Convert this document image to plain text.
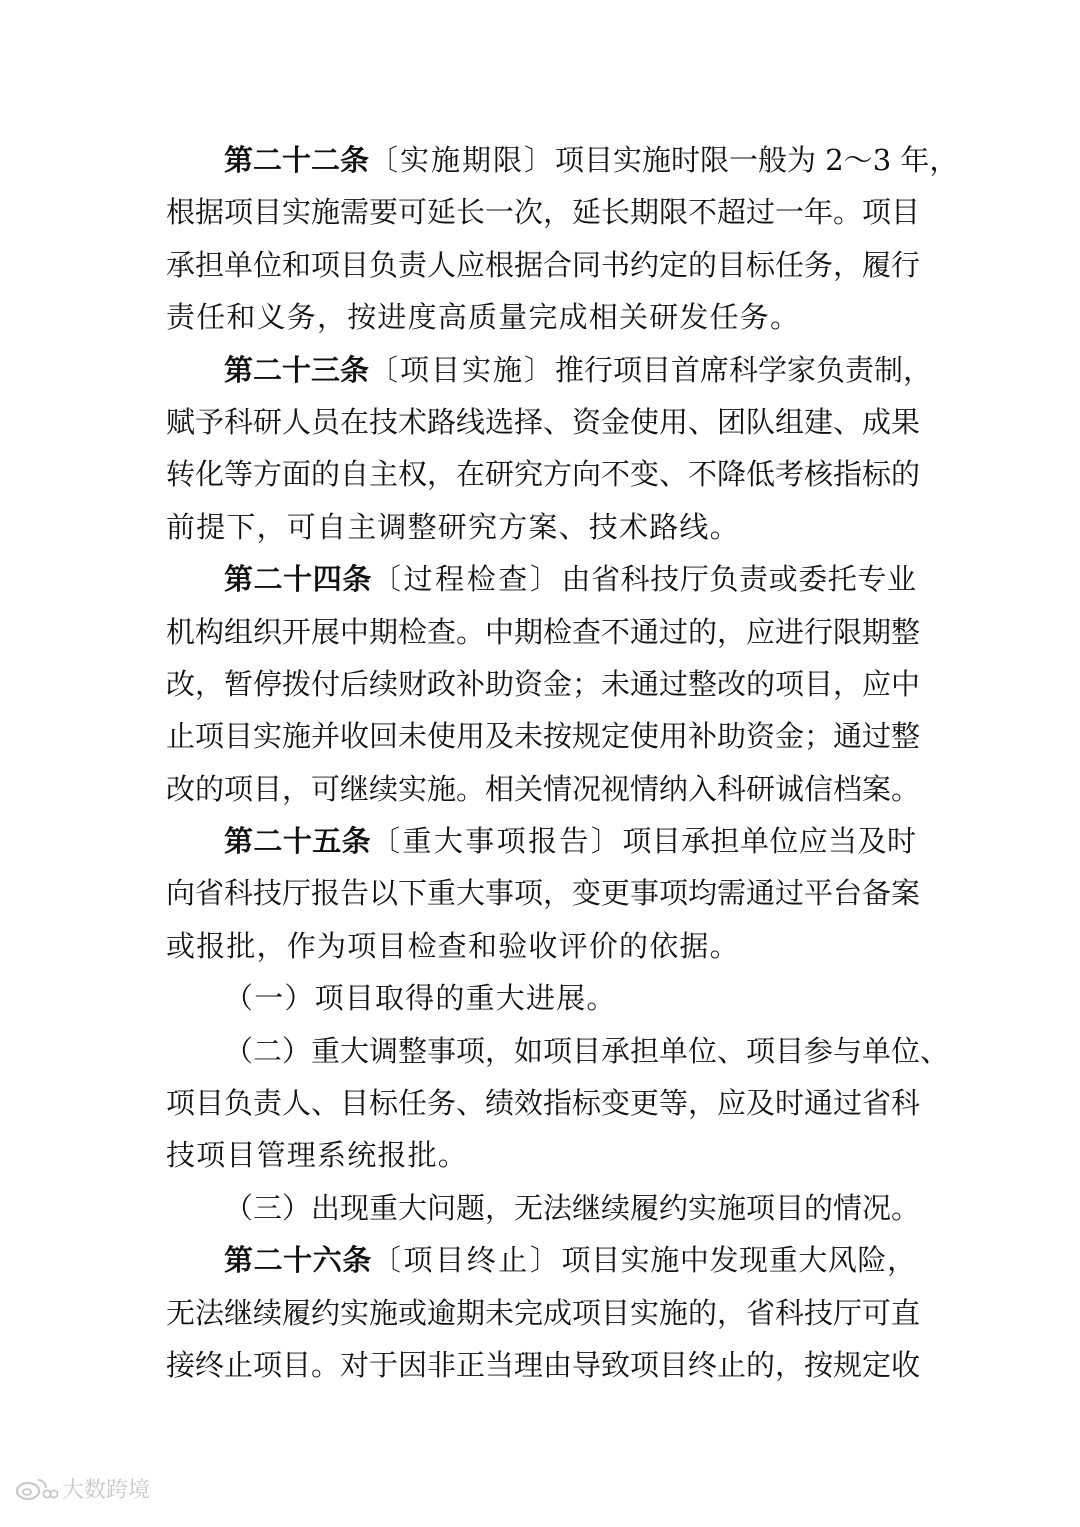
第二十二条〔实施期限〕项目实施时限一般为 2～3 年，
根据项目实施需要可延长一次，延长期限不超过一年。项目
承担单位和项目负责人应根据合同书约定的目标任务，履行
责任和义务，按进度高质量完成相关研发任务。
第二十三条〔项目实施〕推行项目首席科学家负责制，
赋予科研人员在技术路线选择、资金使用、团队组建、成果
转化等方面的自主权，在研究方向不变、不降低考核指标的
前提下，可自主调整研究方案、技术路线。
第二十四条〔过程检查〕由省科技厅负责或委托专业
机构组织开展中期检查。中期检查不通过的，应进行限期整
改，暂停拨付后续财政补助资金；未通过整改的项目，应中
止项目实施并收回未使用及未按规定使用补助资金；通过整
改的项目，可继续实施。相关情况视情纳入科研诚信档案。
第二十五条〔重大事项报告〕项目承担单位应当及时
向省科技厅报告以下重大事项，变更事项均需通过平台备案
或报批，作为项目检查和验收评价的依据。
（一）项目取得的重大进展。
（二）重大调整事项，如项目承担单位、项目参与单位、
项目负责人、目标任务、绩效指标变更等，应及时通过省科
技项目管理系统报批。
（三）出现重大问题，无法继续履约实施项目的情况。
第二十六条〔项目终止〕项目实施中发现重大风险，
无法继续履约实施或逾期未完成项目实施的，省科技厅可直
接终止项目。对于因非正当理由导致项目终止的，按规定收
大数跨境
